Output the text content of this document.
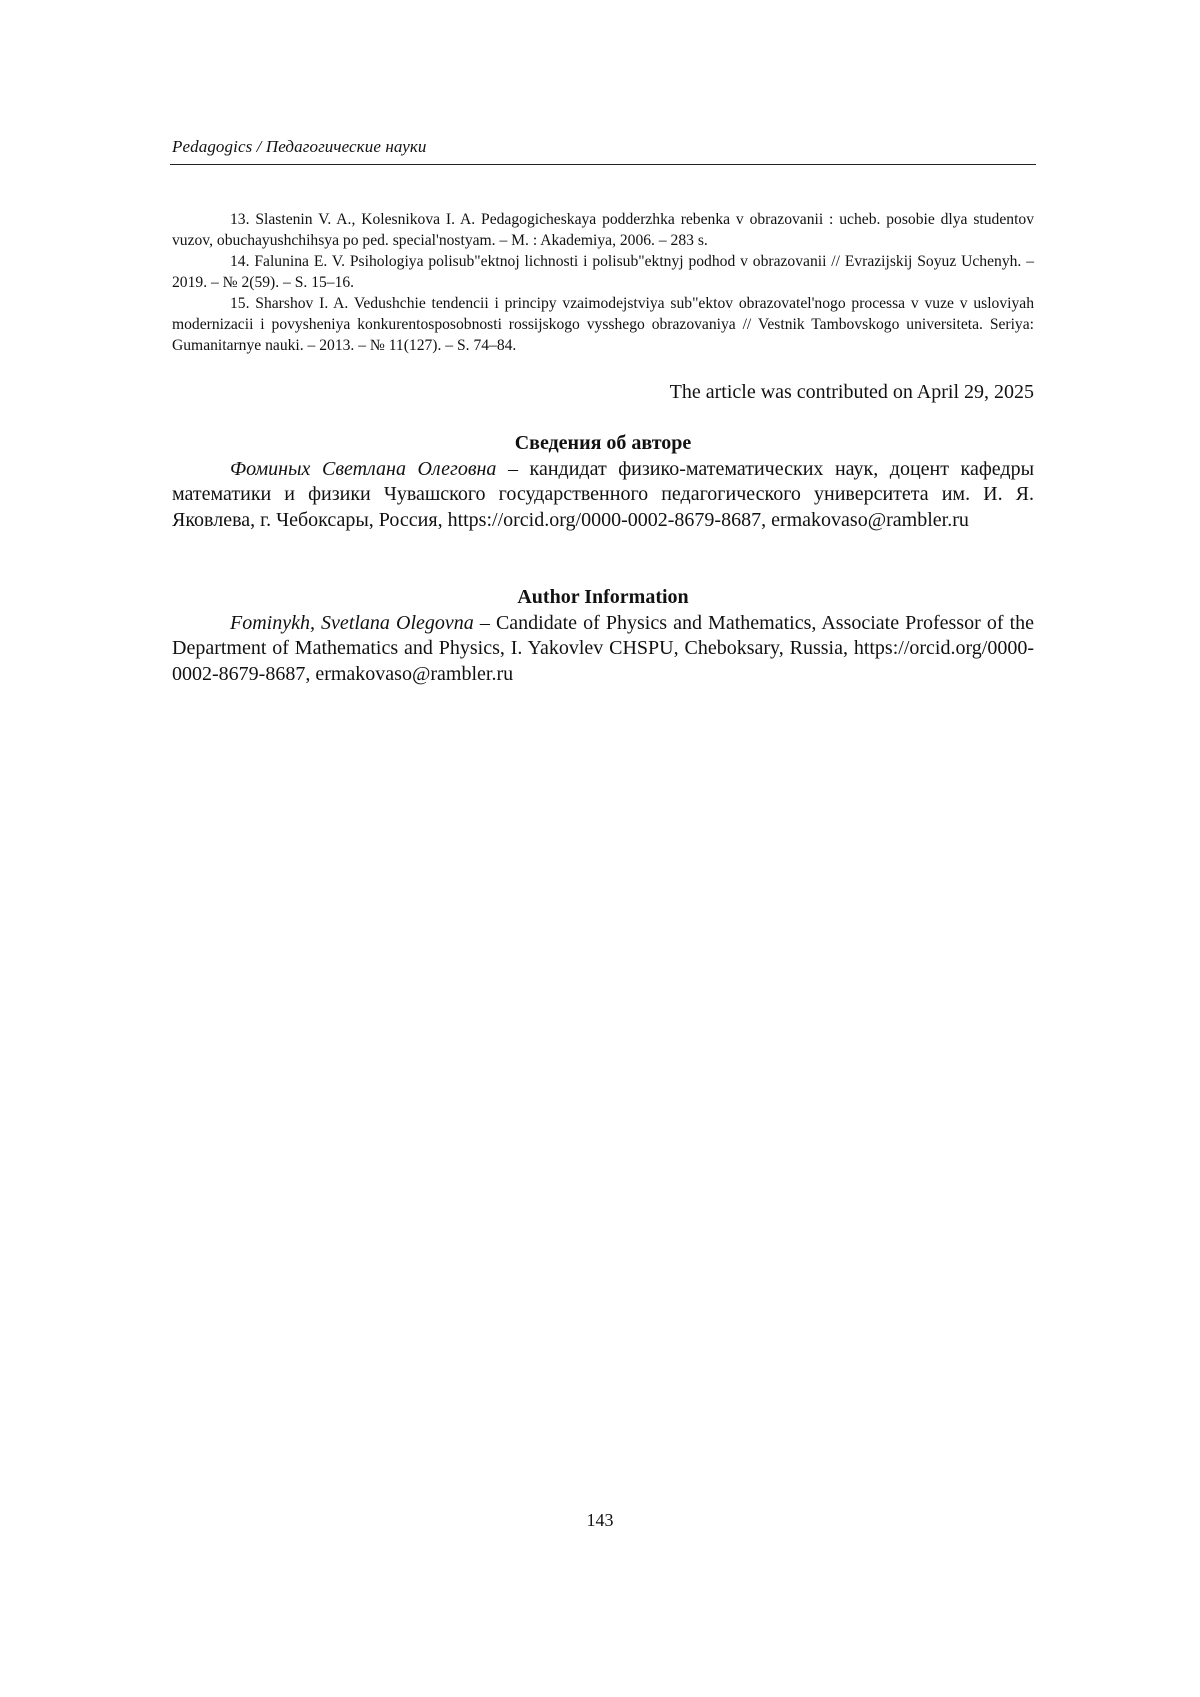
Pedagogics / Педагогические науки

13. Slastenin V. A., Kolesnikova I. A. Pedagogicheskaya podderzhka rebenka v obrazovanii : ucheb. posobie dlya studentov vuzov, obuchayushchihsya po ped. special'nostyam. – M. : Akademiya, 2006. – 283 s.

14. Falunina E. V. Psihologiya polisub"ektnoj lichnosti i polisub"ektnyj podhod v obrazovanii // Evrazijskij Soyuz Uchenyh. – 2019. – № 2(59). – S. 15–16.

15. Sharshov I. A. Vedushchie tendencii i principy vzaimodejstviya sub"ektov obrazovatel'nogo processa v vuze v usloviyah modernizacii i povysheniya konkurentosposobnosti rossijskogo vysshego obrazovaniya // Vestnik Tambovskogo universiteta. Seriya: Gumanitarnye nauki. – 2013. – № 11(127). – S. 74–84.

The article was contributed on April 29, 2025
Сведения об авторе

Фоминых Светлана Олеговна – кандидат физико-математических наук, доцент кафедры математики и физики Чувашского государственного педагогического университета им. И. Я. Яковлева, г. Чебоксары, Россия, https://orcid.org/0000-0002-8679-8687, ermakovaso@rambler.ru

Author Information

Fominykh, Svetlana Olegovna – Candidate of Physics and Mathematics, Associate Professor of the Department of Mathematics and Physics, I. Yakovlev CHSPU, Cheboksary, Russia, https://orcid.org/0000-0002-8679-8687, ermakovaso@rambler.ru

143
